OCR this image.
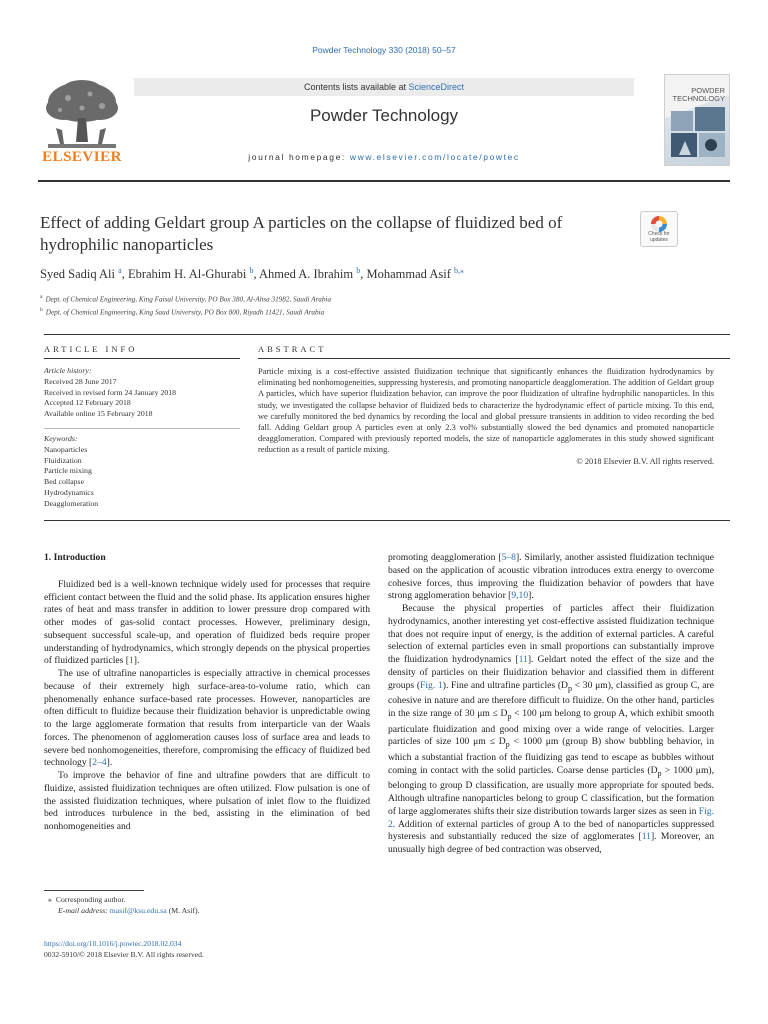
Powder Technology 330 (2018) 50–57
ELSEVIER
Contents lists available at ScienceDirect
Powder Technology
journal homepage: www.elsevier.com/locate/powtec
POWDER TECHNOLOGY
Effect of adding Geldart group A particles on the collapse of fluidized bed of hydrophilic nanoparticles
Check for updates
Syed Sadiq Ali $^a$, Ebrahim H. Al-Ghurabi $^b$, Ahmed A. Ibrahim $^b$, Mohammad Asif $^{b,⁎}$
$^a$ Dept. of Chemical Engineering, King Faisal University, PO Box 380, Al-Ahsa 31982, Saudi Arabia
$^b$ Dept. of Chemical Engineering, King Saud University, PO Box 800, Riyadh 11421, Saudi Arabia
ARTICLE INFO	ABSTRACT
Article history:
Received 28 June 2017
Received in revised form 24 January 2018
Accepted 12 February 2018
Available online 15 February 2018
Keywords:
Nanoparticles
Fluidization
Particle mixing
Bed collapse
Hydrodynamics
Deagglomeration
Particle mixing is a cost-effective assisted fluidization technique that significantly enhances the fluidization hydrodynamics by eliminating bed nonhomogeneities, suppressing hysteresis, and promoting nanoparticle deagglomeration. The addition of Geldart group A particles, which have superior fluidization behavior, can improve the poor fluidization of ultrafine hydrophilic nanoparticles. In this study, we investigated the collapse behavior of fluidized beds to characterize the hydrodynamic effect of particle mixing. To this end, we carefully monitored the bed dynamics by recording the local and global pressure transients in addition to video recording the bed fall. Adding Geldart group A particles even at only 2.3 vol% substantially slowed the bed dynamics and promoted nanoparticle deagglomeration. Compared with previously reported models, the size of nanoparticle agglomerates in this study showed significant reduction as a result of particle mixing.
© 2018 Elsevier B.V. All rights reserved.

1. Introduction

Fluidized bed is a well-known technique widely used for processes that require efficient contact between the fluid and the solid phase. Its application ensures higher rates of heat and mass transfer in addition to lower pressure drop compared with other modes of gas-solid contact processes. However, preliminary design, subsequent successful scale-up, and operation of fluidized beds require proper understanding of hydrodynamics, which strongly depends on the physical properties of fluidized particles [1].

The use of ultrafine nanoparticles is especially attractive in chemical processes because of their extremely high surface-area-to-volume ratio, which can phenomenally enhance surface-based rate processes. However, nanoparticles are often difficult to fluidize because their fluidization behavior is unpredictable owing to the large agglomerate formation that results from interparticle van der Waals forces. The phenomenon of agglomeration causes loss of surface area and leads to severe bed nonhomogeneities, therefore, compromising the efficacy of fluidized bed technology [2–4].

To improve the behavior of fine and ultrafine powders that are difficult to fluidize, assisted fluidization techniques are often utilized. Flow pulsation is one of the assisted fluidization techniques, where pulsation of inlet flow to the fluidized bed introduces turbulence in the bed, assisting in the elimination of bed nonhomogeneities and

promoting deagglomeration [5–8]. Similarly, another assisted fluidization technique based on the application of acoustic vibration introduces extra energy to overcome cohesive forces, thus improving the fluidization behavior of powders that have strong agglomeration behavior [9,10].

Because the physical properties of particles affect their fluidization hydrodynamics, another interesting yet cost-effective assisted fluidization technique that does not require input of energy, is the addition of external particles. A careful selection of external particles even in small proportions can substantially improve the fluidization hydrodynamics [11]. Geldart noted the effect of the size and the density of particles on their fluidization behavior and classified them in different groups (Fig. 1). Fine and ultrafine particles ($D_p < 30$ μm), classified as group C, are cohesive in nature and are therefore difficult to fluidize. On the other hand, particles in the size range of 30 $\mu m \le D_p < 100$ μm belong to group A, which exhibit smooth particulate fluidization and good mixing over a wide range of velocities. Larger particles of size 100 $\mu m \le D_p < 1000$ μm (group B) show bubbling behavior, in which a substantial fraction of the fluidizing gas tend to escape as bubbles without coming in contact with the solid particles. Coarse dense particles ($D_p > 1000$ μm), belonging to group D classification, are usually more appropriate for spouted beds. Although ultrafine nanoparticles belong to group C classification, but the formation of large agglomerates shifts their size distribution towards larger sizes as seen in Fig. 2. Addition of external particles of group A to the bed of nanoparticles suppressed hysteresis and substantially reduced the size of agglomerates [11]. Moreover, an unusually high degree of bed contraction was observed,

⁎ Corresponding author.
E-mail address: masif@ksu.edu.sa (M. Asif).
https://doi.org/10.1016/j.powtec.2018.02.034
0032-5910/© 2018 Elsevier B.V. All rights reserved.
